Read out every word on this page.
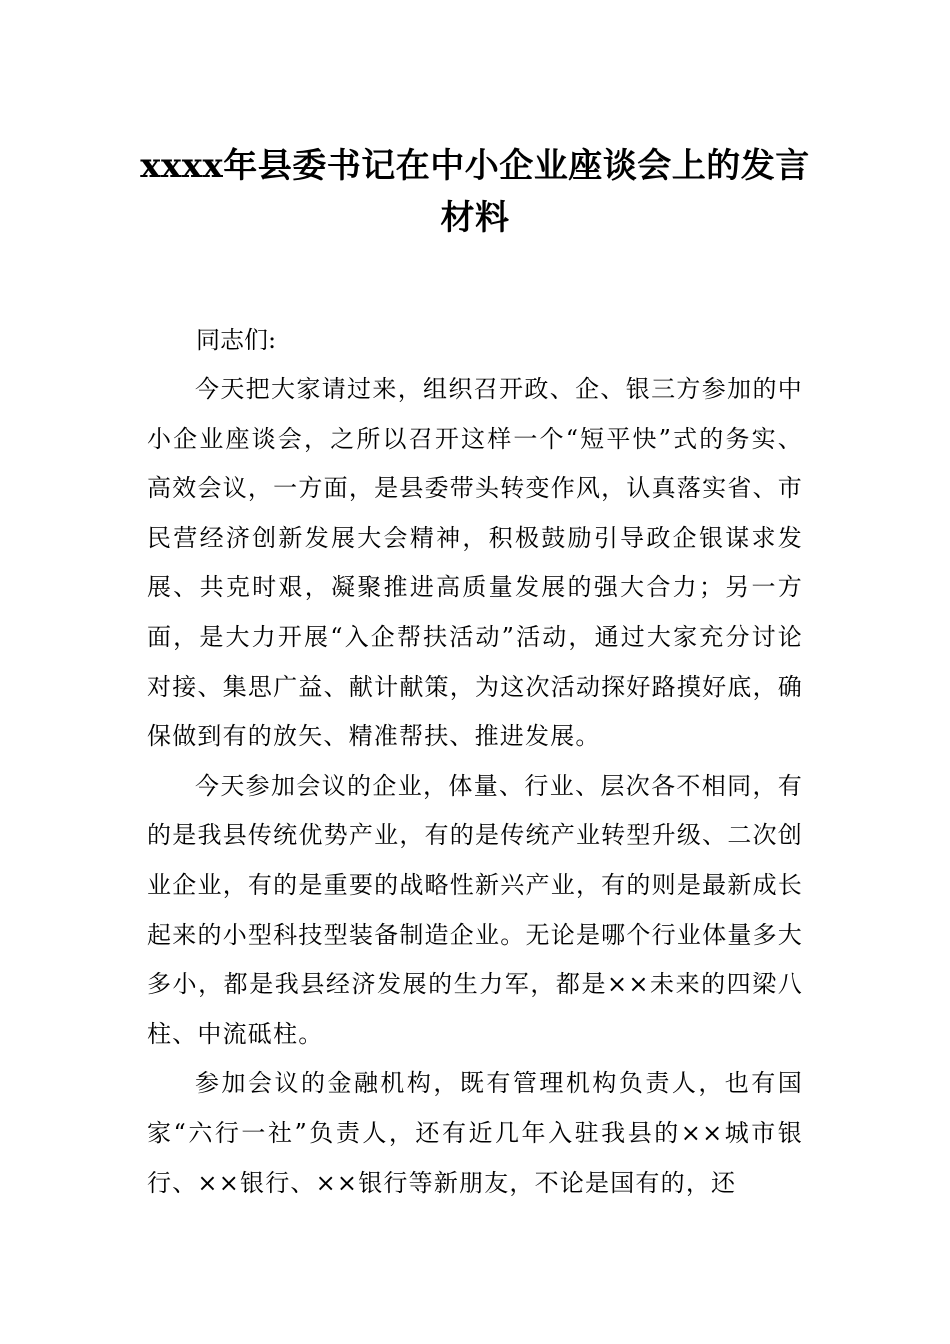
xxxx年县委书记在中小企业座谈会上的发言材料

同志们:

今天把大家请过来，组织召开政、企、银三方参加的中小企业座谈会，之所以召开这样一个“短平快”式的务实、高效会议，一方面，是县委带头转变作风，认真落实省、市民营经济创新发展大会精神，积极鼓励引导政企银谋求发展、共克时艰，凝聚推进高质量发展的强大合力；另一方面，是大力开展“入企帮扶活动”活动，通过大家充分讨论对接、集思广益、献计献策，为这次活动探好路摸好底，确保做到有的放矢、精准帮扶、推进发展。

今天参加会议的企业，体量、行业、层次各不相同，有的是我县传统优势产业，有的是传统产业转型升级、二次创业企业，有的是重要的战略性新兴产业，有的则是最新成长起来的小型科技型装备制造企业。无论是哪个行业体量多大多小，都是我县经济发展的生力军，都是××未来的四梁八柱、中流砥柱。

参加会议的金融机构，既有管理机构负责人，也有国家“六行一社”负责人，还有近几年入驻我县的××城市银行、××银行、××银行等新朋友，不论是国有的，还
